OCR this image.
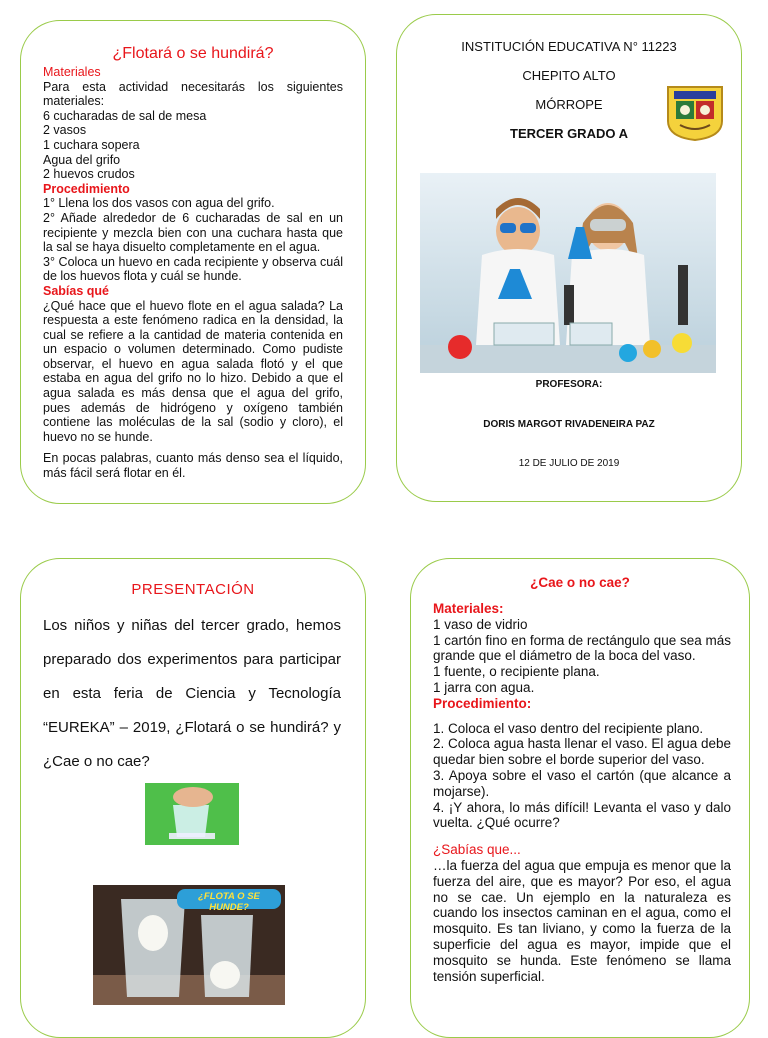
¿Flotará o se hundirá?
Materiales
Para esta actividad necesitarás los siguientes materiales:
6 cucharadas de sal de mesa
2 vasos
1 cuchara sopera
Agua del grifo
2 huevos crudos
Procedimiento
1° Llena los dos vasos con agua del grifo.
2° Añade alrededor de 6 cucharadas de sal en un recipiente y mezcla bien con una cuchara hasta que la sal se haya disuelto completamente en el agua.
3° Coloca un huevo en cada recipiente y observa cuál de los huevos flota y cuál se hunde.
Sabías qué
¿Qué hace que el huevo flote en el agua salada? La respuesta a este fenómeno radica en la densidad, la cual se refiere a la cantidad de materia contenida en un espacio o volumen determinado. Como pudiste observar, el huevo en agua salada flotó y el que estaba en agua del grifo no lo hizo. Debido a que el agua salada es más densa que el agua del grifo, pues además de hidrógeno y oxígeno también contiene las moléculas de la sal (sodio y cloro), el huevo no se hunde.
En pocas palabras, cuanto más denso sea el líquido, más fácil será flotar en él.
INSTITUCIÓN EDUCATIVA N° 11223
CHEPITO ALTO
MÓRROPE
TERCER GRADO A
PROFESORA:
DORIS MARGOT RIVADENEIRA PAZ
12 DE JULIO DE 2019
PRESENTACIÓN
Los niños y niñas del tercer grado, hemos preparado dos experimentos para participar en esta feria de Ciencia y Tecnología “EUREKA” – 2019, ¿Flotará o se hundirá? y ¿Cae o no cae?
¿FLOTA O SE HUNDE?
¿Cae o no cae?
Materiales:
1 vaso de vidrio
1 cartón fino en forma de rectángulo que sea más grande que el diámetro de la boca del vaso.
1 fuente, o recipiente plana.
1 jarra con agua.
Procedimiento:
1. Coloca el vaso dentro del recipiente plano.
2. Coloca agua hasta llenar el vaso. El agua debe quedar bien sobre el borde superior del vaso.
3. Apoya sobre el vaso el cartón (que alcance a mojarse).
4. ¡Y ahora, lo más difícil! Levanta el vaso y dalo vuelta. ¿Qué ocurre?
¿Sabías que...
…la fuerza del agua que empuja es menor que la fuerza del aire, que es mayor? Por eso, el agua no se cae. Un ejemplo en la naturaleza es cuando los insectos caminan en el agua, como el mosquito. Es tan liviano, y como la fuerza de la superficie del agua es mayor, impide que el mosquito se hunda. Este fenómeno se llama tensión superficial.
